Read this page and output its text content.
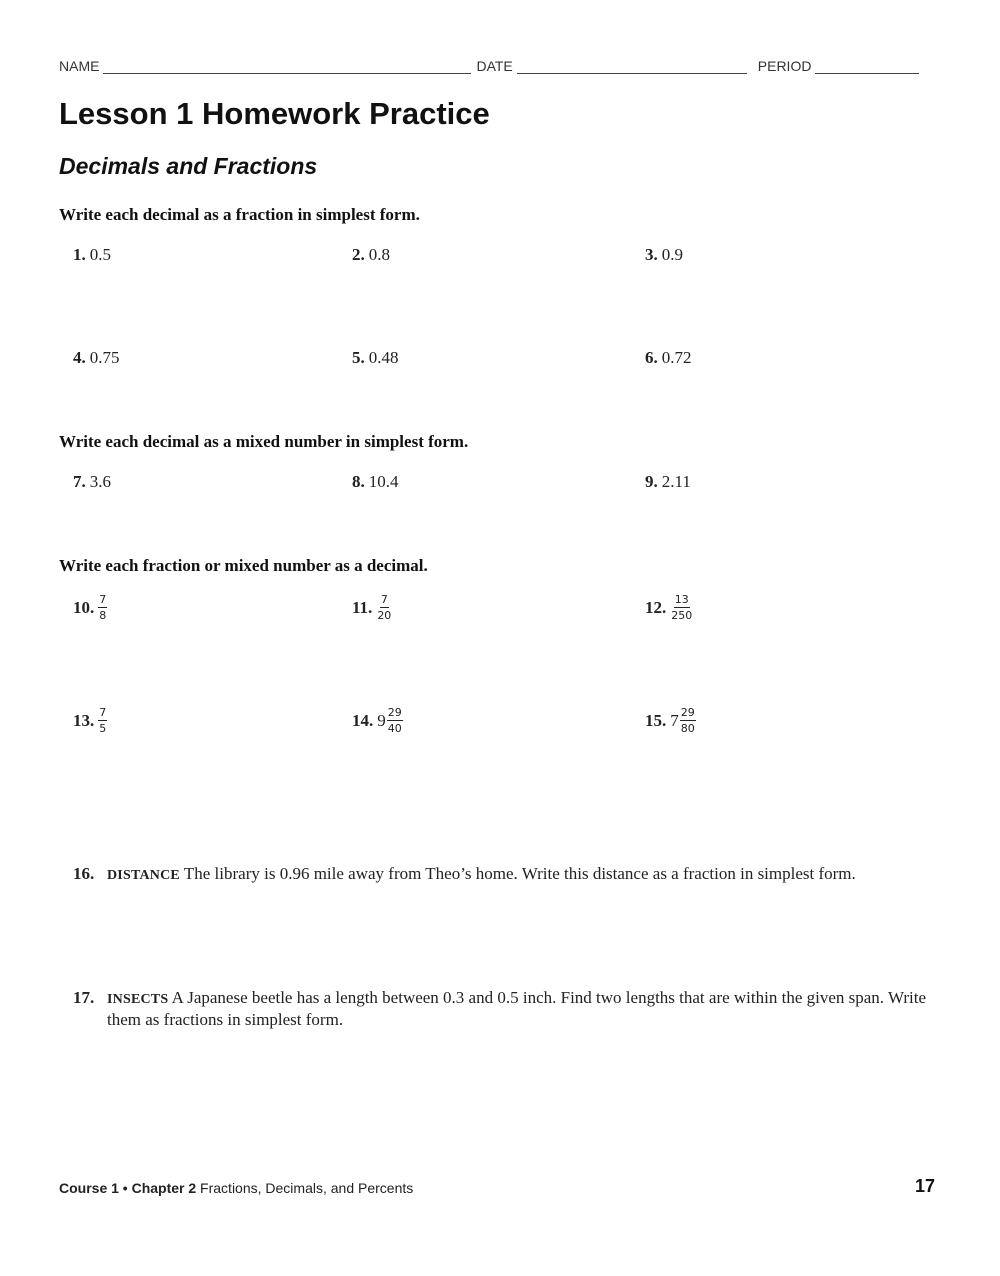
NAME	DATE	PERIOD
Lesson 1 Homework Practice
Decimals and Fractions
Write each decimal as a fraction in simplest form.
1. 0.5	2. 0.8	3. 0.9
4. 0.75	5. 0.48	6. 0.72
Write each decimal as a mixed number in simplest form.
7. 3.6	8. 10.4	9. 2.11
Write each fraction or mixed number as a decimal.
10. $\frac{7}{8}$	11. $\frac{7}{20}$	12. $\frac{13}{250}$
13. $\frac{7}{5}$	14. $9 \frac{29}{40}$	15. $7 \frac{29}{80}$
16. DISTANCE The library is 0.96 mile away from Theo’s home. Write this distance as a fraction in simplest form.
17. INSECTS A Japanese beetle has a length between 0.3 and 0.5 inch. Find two lengths that are within the given span. Write them as fractions in simplest form.
Course 1 • Chapter 2 Fractions, Decimals, and Percents	17
